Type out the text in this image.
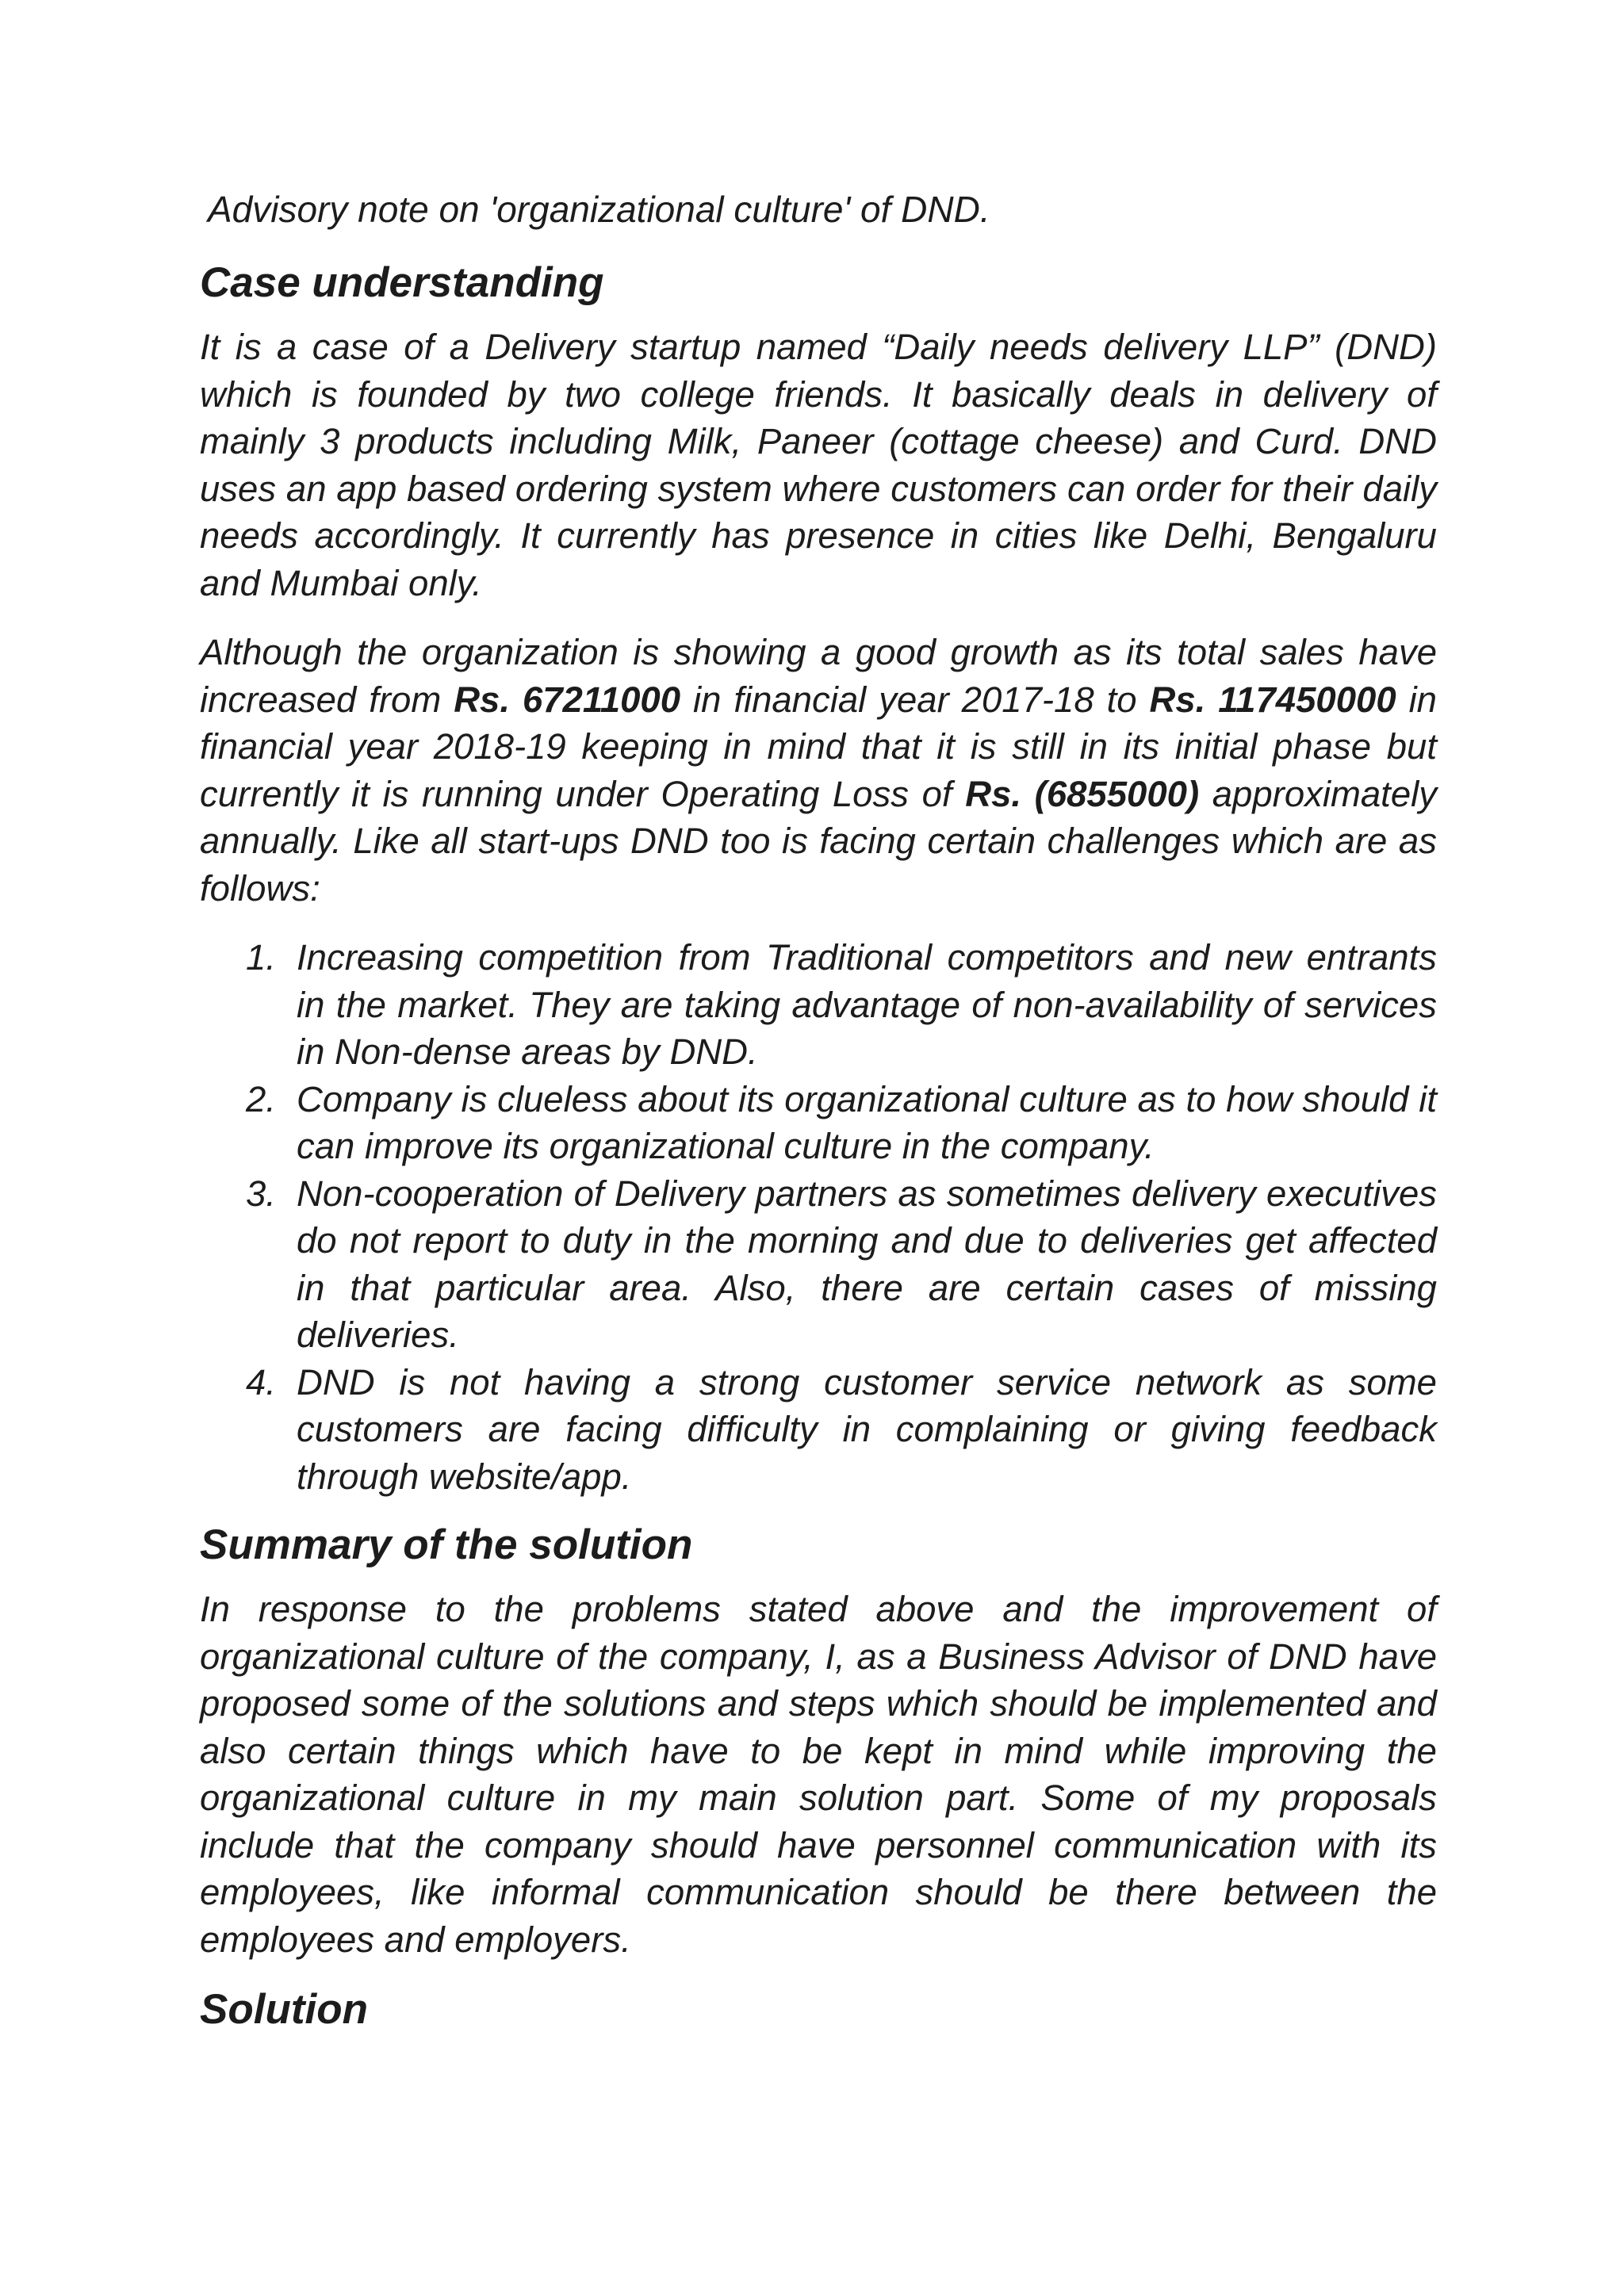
Advisory note on 'organizational culture' of DND.
Case understanding

It is a case of a Delivery startup named “Daily needs delivery LLP” (DND) which is founded by two college friends. It basically deals in delivery of mainly 3 products including Milk, Paneer (cottage cheese) and Curd. DND uses an app based ordering system where customers can order for their daily needs accordingly. It currently has presence in cities like Delhi, Bengaluru and Mumbai only.

Although the organization is showing a good growth as its total sales have increased from Rs. 67211000 in financial year 2017-18 to Rs. 117450000 in financial year 2018-19 keeping in mind that it is still in its initial phase but currently it is running under Operating Loss of Rs. (6855000) approximately annually. Like all start-ups DND too is facing certain challenges which are as follows:

1. Increasing competition from Traditional competitors and new entrants in the market. They are taking advantage of non-availability of services in Non-dense areas by DND.
2. Company is clueless about its organizational culture as to how should it can improve its organizational culture in the company.
3. Non-cooperation of Delivery partners as sometimes delivery executives do not report to duty in the morning and due to deliveries get affected in that particular area. Also, there are certain cases of missing deliveries.
4. DND is not having a strong customer service network as some customers are facing difficulty in complaining or giving feedback through website/app.
Summary of the solution

In response to the problems stated above and the improvement of organizational culture of the company, I, as a Business Advisor of DND have proposed some of the solutions and steps which should be implemented and also certain things which have to be kept in mind while improving the organizational culture in my main solution part. Some of my proposals include that the company should have personnel communication with its employees, like informal communication should be there between the employees and employers.

Solution
